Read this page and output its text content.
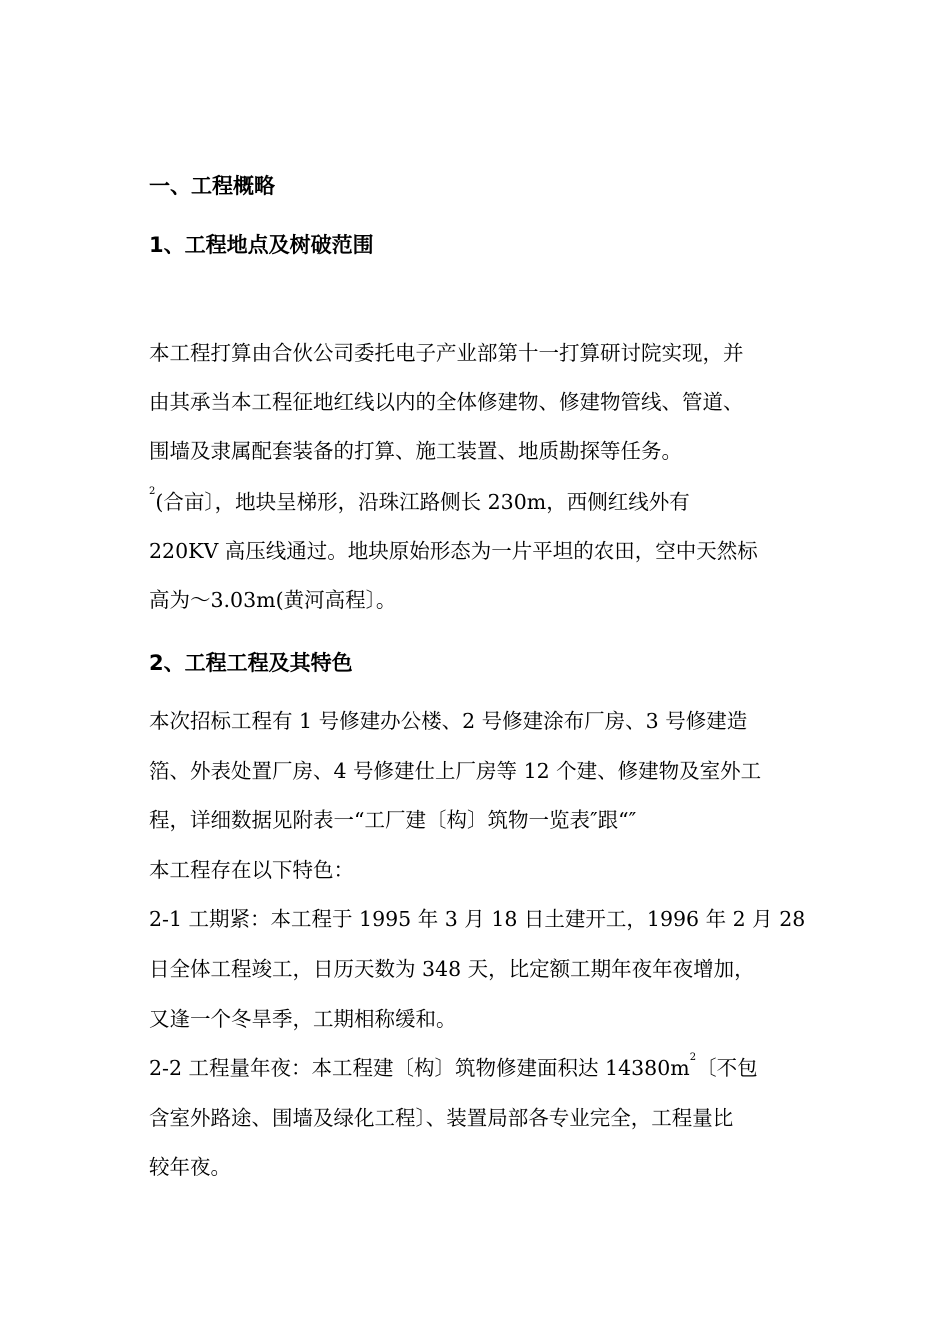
一、工程概略
1、工程地点及树破范围

本工程打算由合伙公司委托电子产业部第十一打算研讨院实现，并

由其承当本工程征地红线以内的全体修建物、修建物管线、管道、

围墙及隶属配套装备的打算、施工装置、地质勘探等任务。

$^2$(合亩〕，地块呈梯形，沿珠江路侧长 230m，西侧红线外有

220KV 高压线通过。地块原始形态为一片平坦的农田，空中天然标

高为～3.03m(黄河高程〕。

2、工程工程及其特色

本次招标工程有 1 号修建办公楼、2 号修建涂布厂房、3 号修建造

箔、外表处置厂房、4 号修建仕上厂房等 12 个建、修建物及室外工

程，详细数据见附表一“工厂建〔构〕筑物一览表″跟“″

本工程存在以下特色：

2-1 工期紧：本工程于 1995 年 3 月 18 日土建开工，1996 年 2 月 28

日全体工程竣工，日历天数为 348 天，比定额工期年夜年夜增加，

又逢一个冬旱季，工期相称缓和。

2-2 工程量年夜：本工程建〔构〕筑物修建面积达 $14380m^2$〔不包

含室外路途、围墙及绿化工程〕、装置局部各专业完全，工程量比

较年夜。
